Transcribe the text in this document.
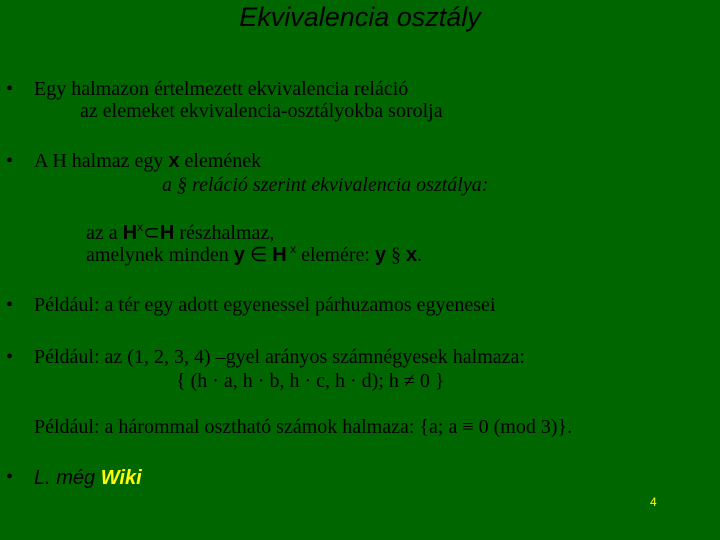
Ekvivalencia osztály
• Egy halmazon értelmezett ekvivalencia reláció
az elemeket ekvivalencia-osztályokba sorolja
• A H halmaz egy x elemének
a § reláció szerint ekvivalencia osztálya:
az a $H^x\subset H$ részhalmaz,
amelynek minden y ∈ H $^x$ elemére: y § x.
• Például: a tér egy adott egyenessel párhuzamos egyenesei
• Például: az (1, 2, 3, 4) –gyel arányos számnégyesek halmaza:
{ (h · a, h · b, h · c, h · d); h ≠ 0 }
Például: a hárommal osztható számok halmaza: {a; a ≡ 0 (mod 3)}.
• L. még Wiki
4
